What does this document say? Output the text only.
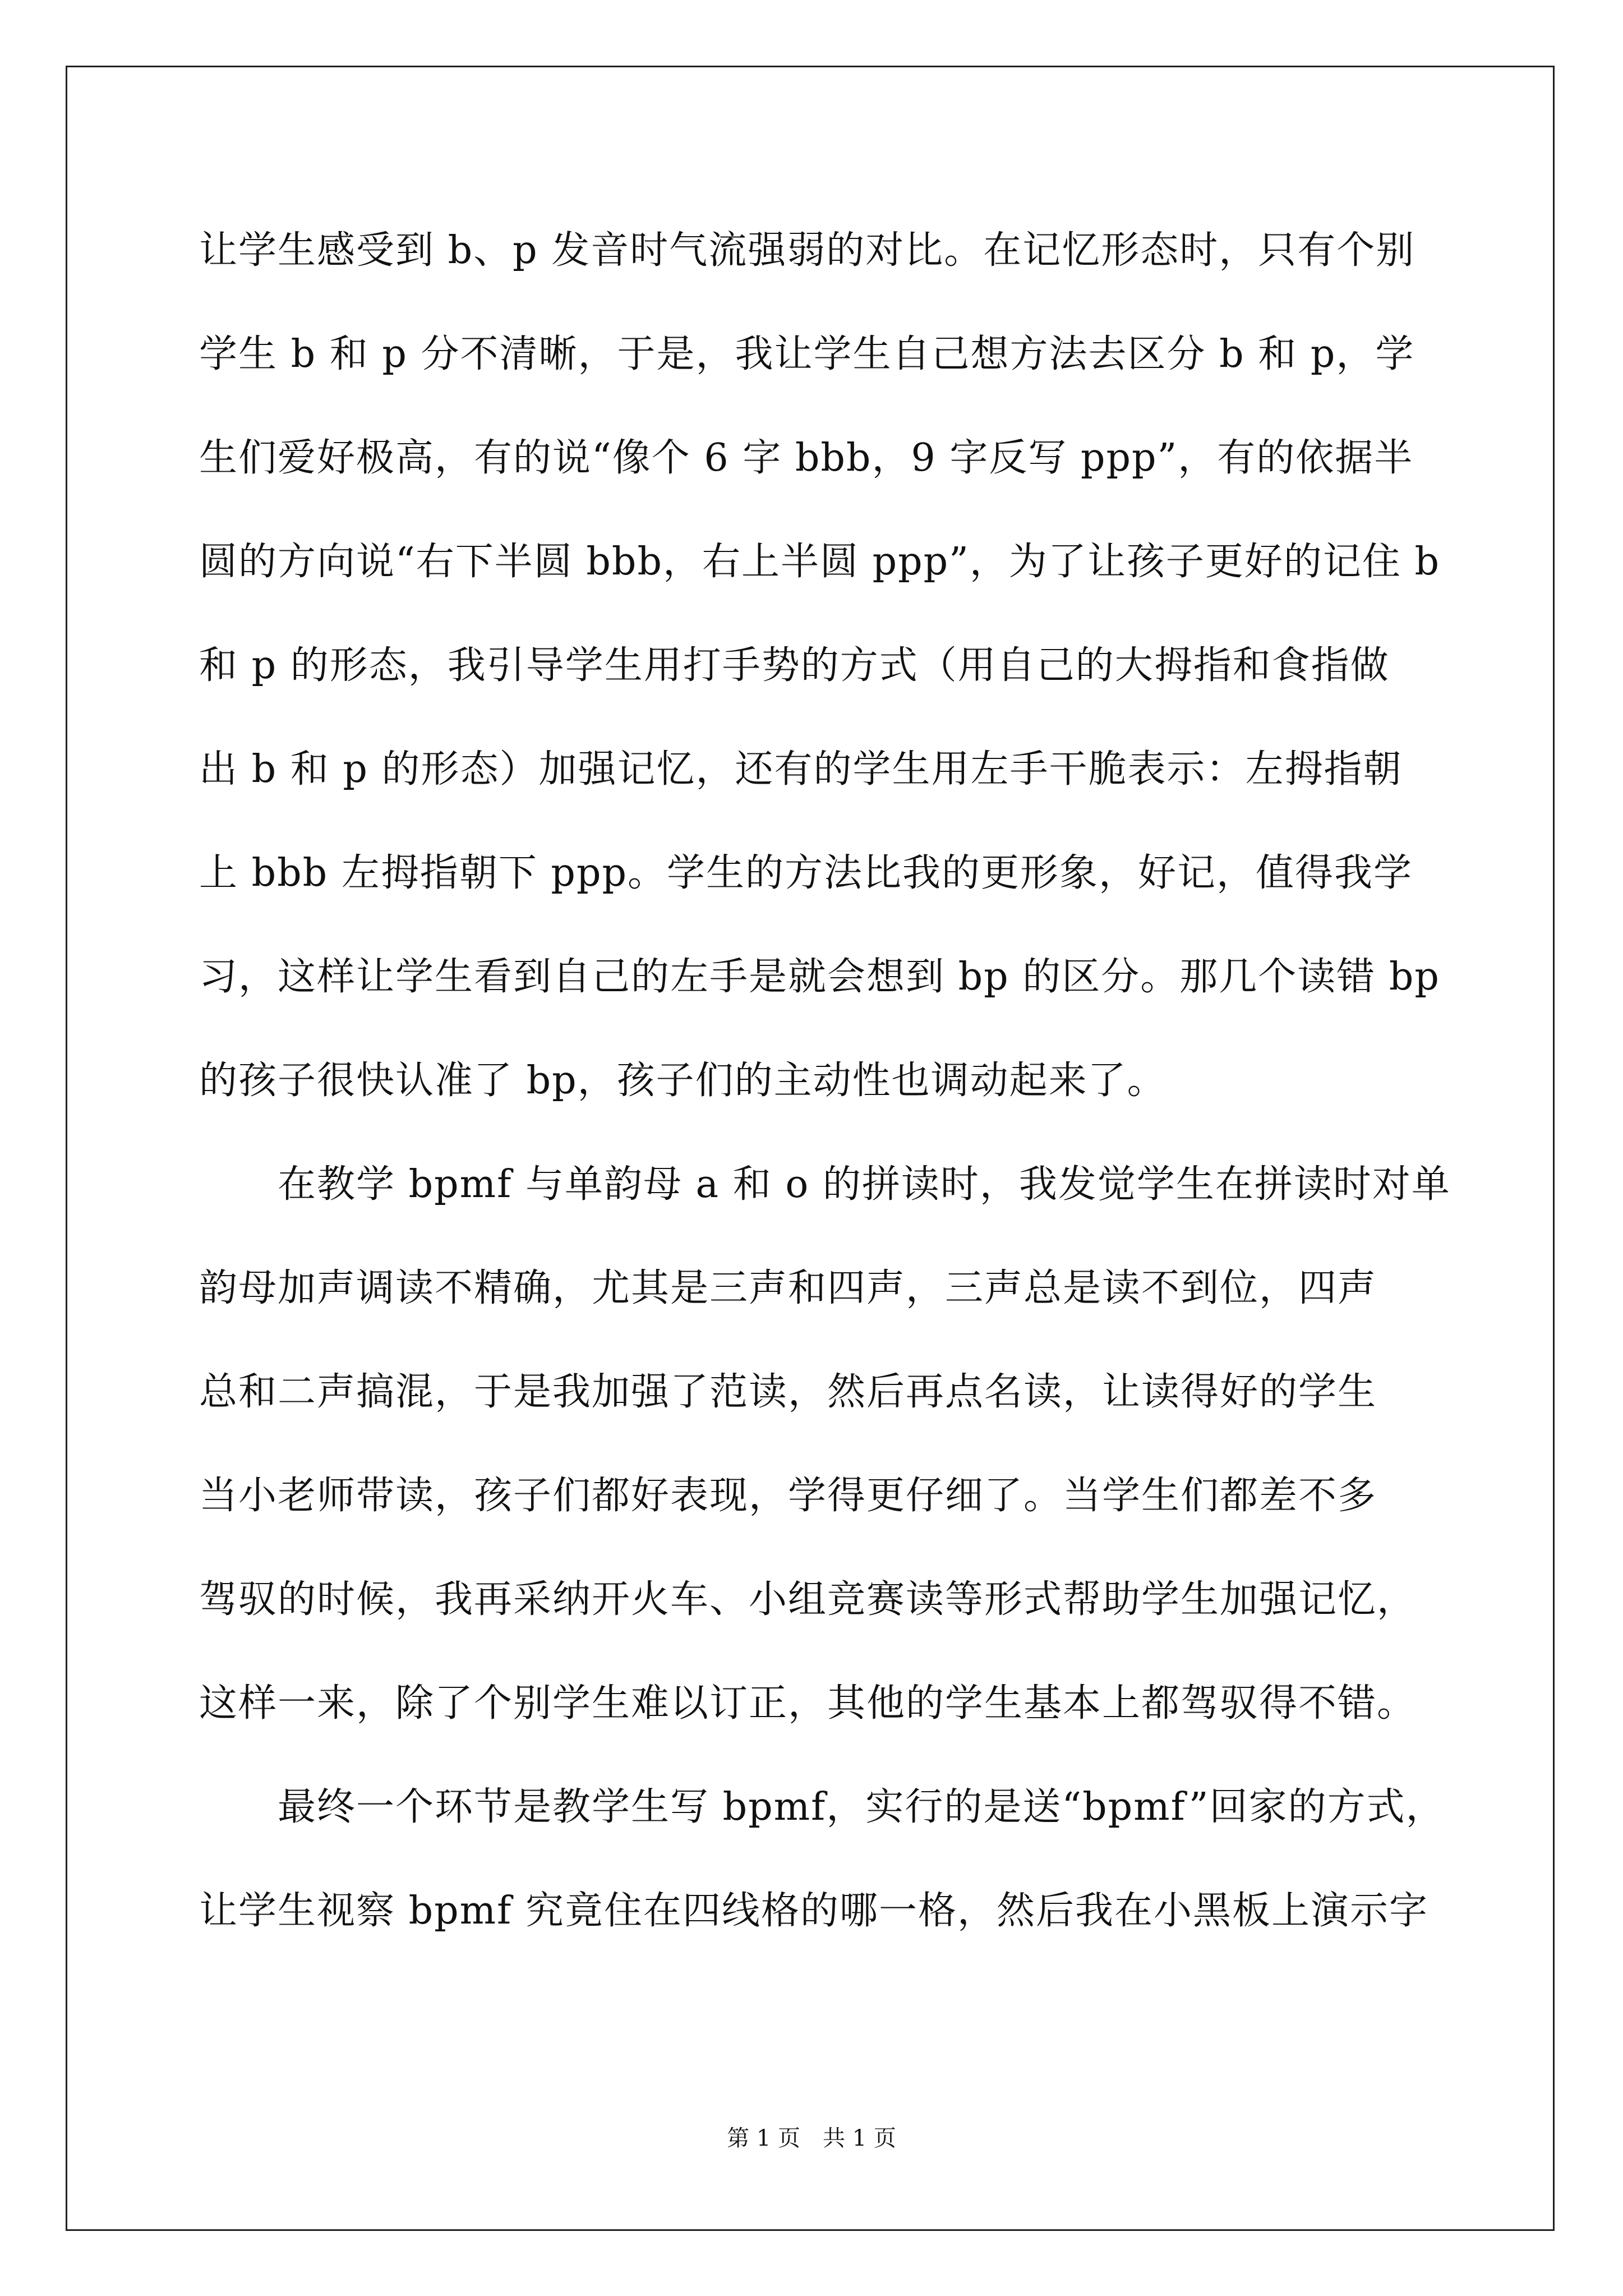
让学生感受到 b、p 发音时气流强弱的对比。在记忆形态时，只有个别
学生 b 和 p 分不清晰，于是，我让学生自己想方法去区分 b 和 p，学
生们爱好极高，有的说“像个 6 字 bbb，9 字反写 ppp”，有的依据半
圆的方向说“右下半圆 bbb，右上半圆 ppp”，为了让孩子更好的记住 b
和 p 的形态，我引导学生用打手势的方式（用自己的大拇指和食指做
出 b 和 p 的形态）加强记忆，还有的学生用左手干脆表示：左拇指朝
上 bbb 左拇指朝下 ppp。学生的方法比我的更形象，好记，值得我学
习，这样让学生看到自己的左手是就会想到 bp 的区分。那几个读错 bp
的孩子很快认准了 bp，孩子们的主动性也调动起来了。
在教学 bpmf 与单韵母 a 和 o 的拼读时，我发觉学生在拼读时对单
韵母加声调读不精确，尤其是三声和四声，三声总是读不到位，四声
总和二声搞混，于是我加强了范读，然后再点名读，让读得好的学生
当小老师带读，孩子们都好表现，学得更仔细了。当学生们都差不多
驾驭的时候，我再采纳开火车、小组竞赛读等形式帮助学生加强记忆，
这样一来，除了个别学生难以订正，其他的学生基本上都驾驭得不错。
最终一个环节是教学生写 bpmf，实行的是送“bpmf”回家的方式，
让学生视察 bpmf 究竟住在四线格的哪一格，然后我在小黑板上演示字
第 1 页　共 1 页
